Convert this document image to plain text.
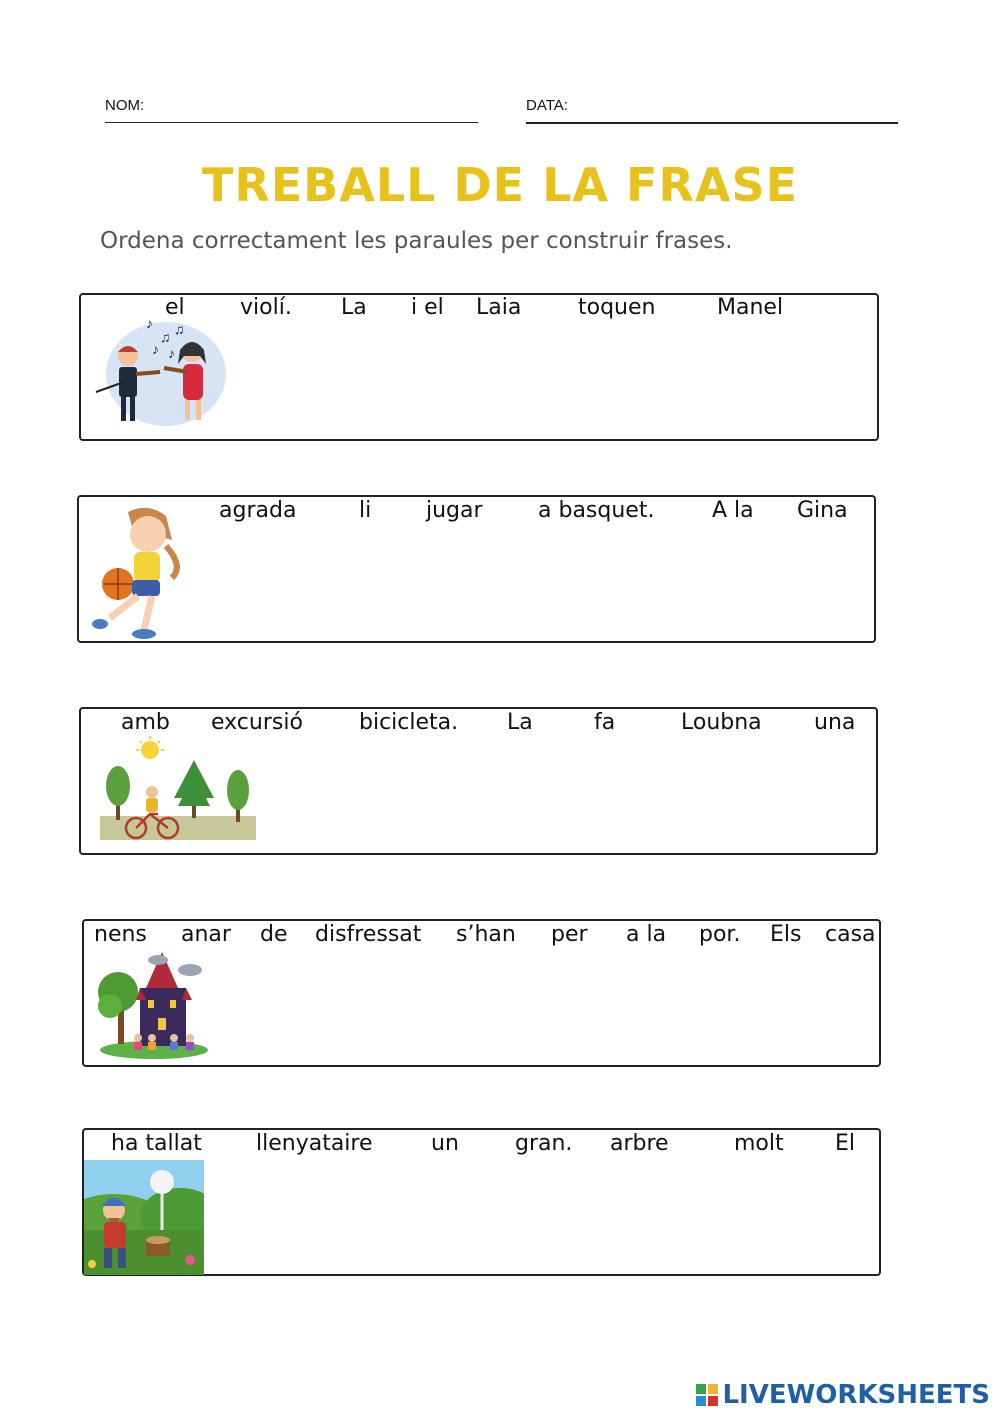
NOM:	DATA:
TREBALL DE LA FRASE
Ordena correctament les paraules per construir frases.
el	violí. La i el Laia	toquen	Manel
♪
♫
♪
♫
♪
agrada	li jugar	a basquet.	A la Gina
amb excursió	bicicleta. La	fa	Loubna una
nens anar de disfressat s’han per a la por. Els casa
ha tallat llenyataire	un	gran. arbre	molt El
LIVEWORKSHEETS
